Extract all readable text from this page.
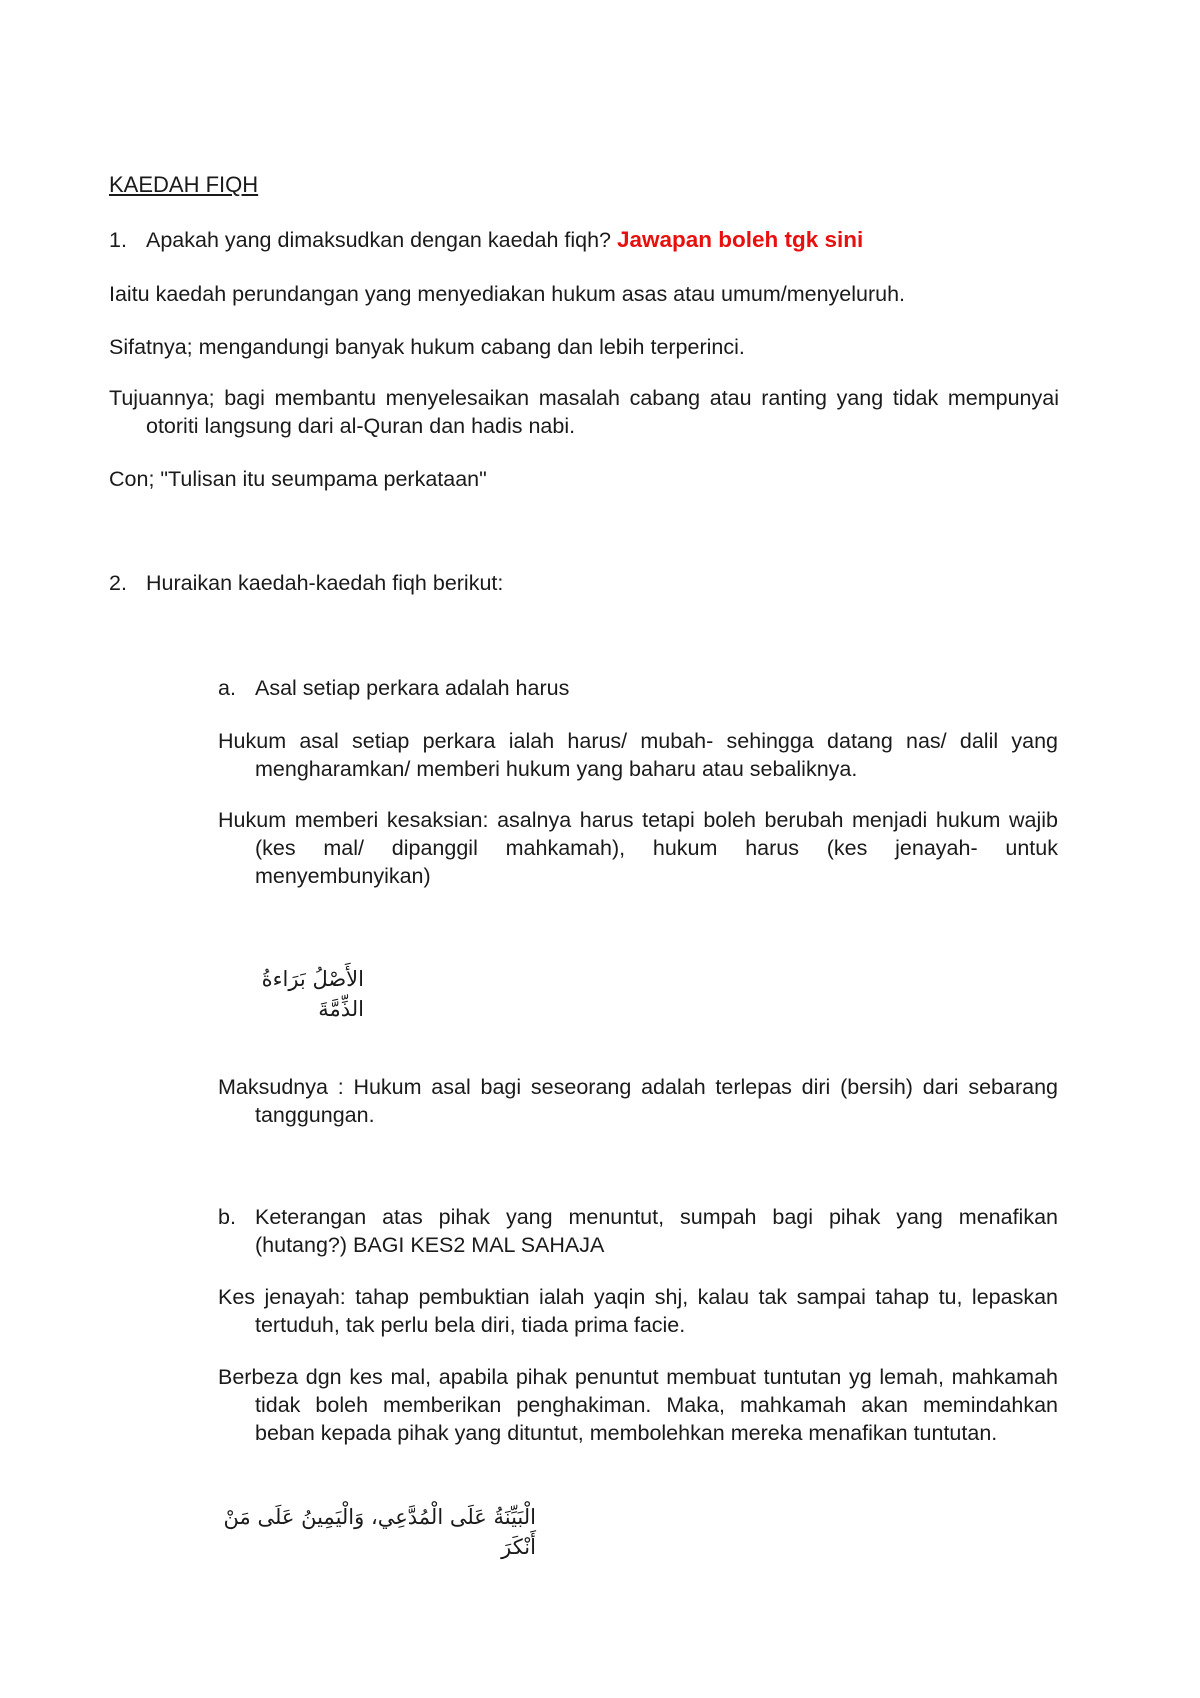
KAEDAH FIQH

1. Apakah yang dimaksudkan dengan kaedah fiqh? Jawapan boleh tgk sini

Iaitu kaedah perundangan yang menyediakan hukum asas atau umum/menyeluruh.

Sifatnya; mengandungi banyak hukum cabang dan lebih terperinci.

Tujuannya; bagi membantu menyelesaikan masalah cabang atau ranting yang tidak mempunyai otoriti langsung dari al-Quran dan hadis nabi.

Con; "Tulisan itu seumpama perkataan"

2. Huraikan kaedah-kaedah fiqh berikut:

a. Asal setiap perkara adalah harus

Hukum asal setiap perkara ialah harus/ mubah- sehingga datang nas/ dalil yang mengharamkan/ memberi hukum yang baharu atau sebaliknya.

Hukum memberi kesaksian: asalnya harus tetapi boleh berubah menjadi hukum wajib (kes mal/ dipanggil mahkamah), hukum harus (kes jenayah- untuk menyembunyikan)

الأَصْلُ بَرَاءةُ الذِّمَّةَ

Maksudnya : Hukum asal bagi seseorang adalah terlepas diri (bersih) dari sebarang tanggungan.

b. Keterangan atas pihak yang menuntut, sumpah bagi pihak yang menafikan (hutang?) BAGI KES2 MAL SAHAJA

Kes jenayah: tahap pembuktian ialah yaqin shj, kalau tak sampai tahap tu, lepaskan tertuduh, tak perlu bela diri, tiada prima facie.

Berbeza dgn kes mal, apabila pihak penuntut membuat tuntutan yg lemah, mahkamah tidak boleh memberikan penghakiman. Maka, mahkamah akan memindahkan beban kepada pihak yang dituntut, membolehkan mereka menafikan tuntutan.

الْبَيِّنَةُ عَلَى الْمُدَّعِي، وَالْيَمِينُ عَلَى مَنْ أَنْكَرَ
